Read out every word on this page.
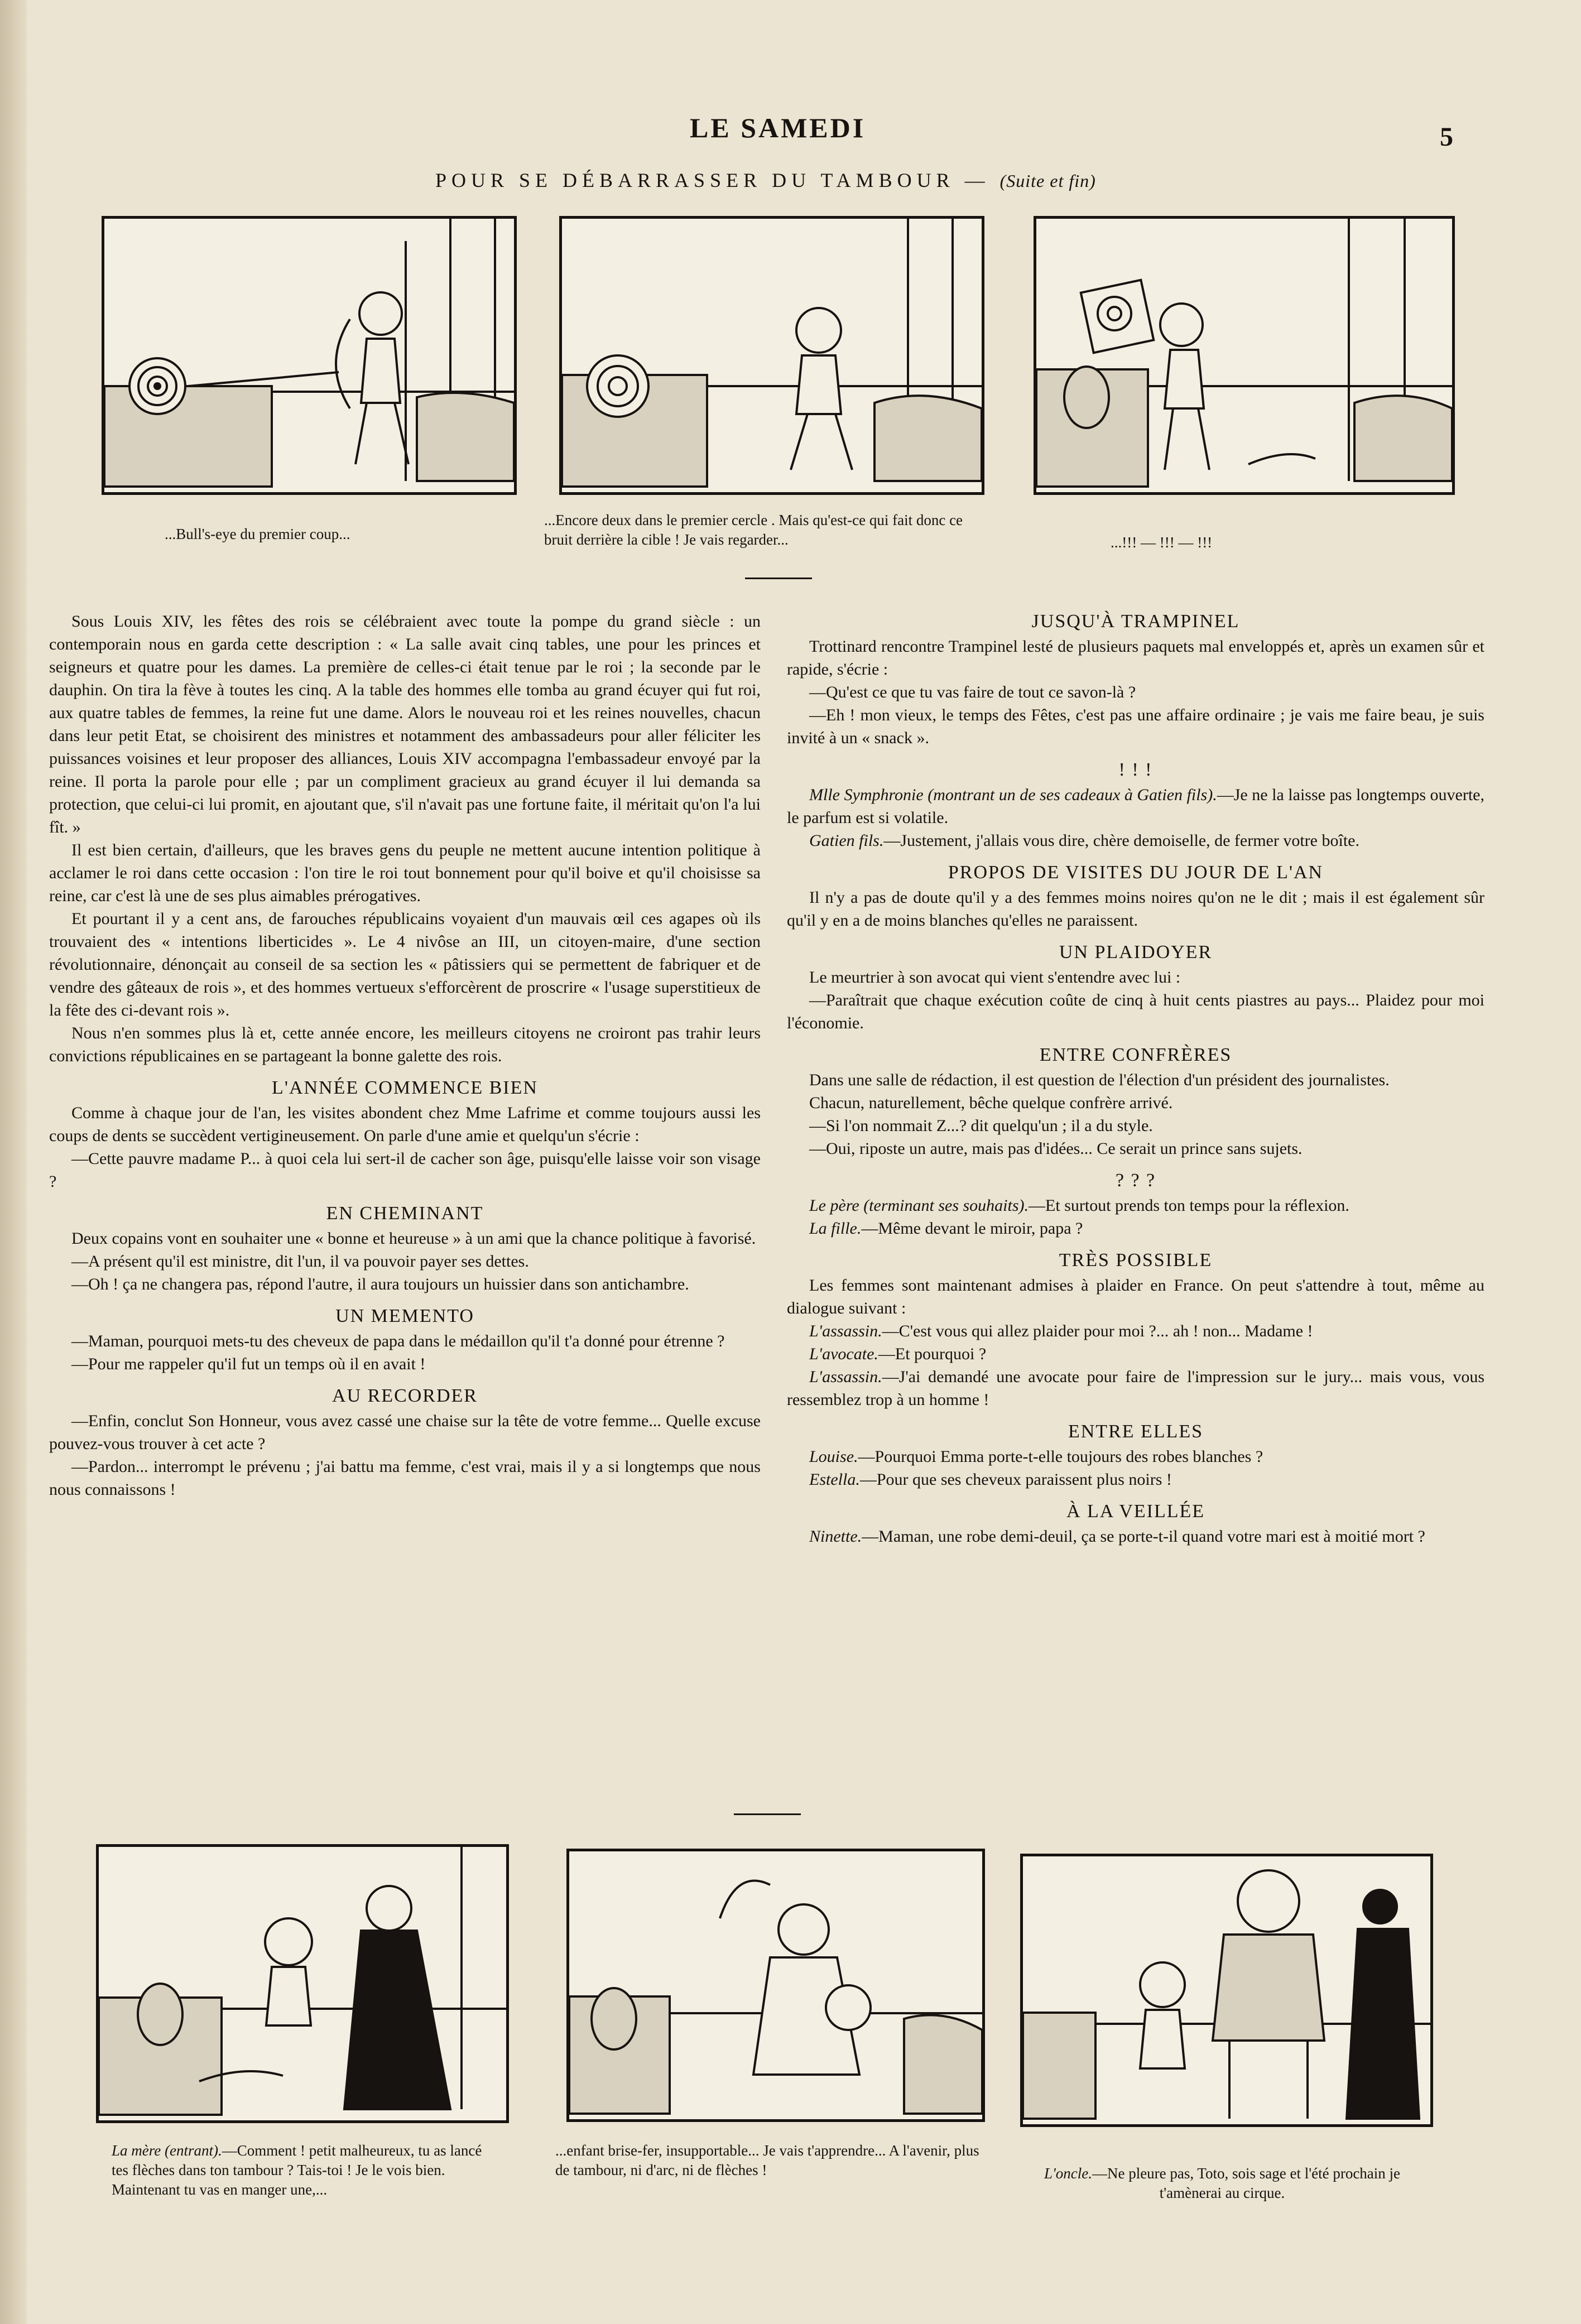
LE SAMEDI	5
POUR SE DÉBARRASSER DU TAMBOUR — (Suite et fin)
...Bull's-eye du premier coup...
...Encore deux dans le premier cercle . Mais qu'est-ce qui fait donc ce bruit derrière la cible ! Je vais regarder...	...!!! — !!! — !!!

Sous Louis XIV, les fêtes des rois se célébraient avec toute la pompe du grand siècle : un contemporain nous en garda cette description : « La salle avait cinq tables, une pour les princes et seigneurs et quatre pour les dames. La première de celles-ci était tenue par le roi ; la seconde par le dauphin. On tira la fève à toutes les cinq. A la table des hommes elle tomba au grand écuyer qui fut roi, aux quatre tables de femmes, la reine fut une dame. Alors le nouveau roi et les reines nouvelles, chacun dans leur petit Etat, se choisirent des ministres et notamment des ambassadeurs pour aller féliciter les puissances voisines et leur proposer des alliances, Louis XIV accompagna l'embassadeur envoyé par la reine. Il porta la parole pour elle ; par un compliment gracieux au grand écuyer il lui demanda sa protection, que celui-ci lui promit, en ajoutant que, s'il n'avait pas une fortune faite, il méritait qu'on l'a lui fît. »

Il est bien certain, d'ailleurs, que les braves gens du peuple ne mettent aucune intention politique à acclamer le roi dans cette occasion : l'on tire le roi tout bonnement pour qu'il boive et qu'il choisisse sa reine, car c'est là une de ses plus aimables prérogatives.

Et pourtant il y a cent ans, de farouches républicains voyaient d'un mauvais œil ces agapes où ils trouvaient des « intentions liberticides ». Le 4 nivôse an III, un citoyen-maire, d'une section révolutionnaire, dénonçait au conseil de sa section les « pâtissiers qui se permettent de fabriquer et de vendre des gâteaux de rois », et des hommes vertueux s'efforcèrent de proscrire « l'usage superstitieux de la fête des ci-devant rois ».

Nous n'en sommes plus là et, cette année encore, les meilleurs citoyens ne croiront pas trahir leurs convictions républicaines en se partageant la bonne galette des rois.

L'ANNÉE COMMENCE BIEN

Comme à chaque jour de l'an, les visites abondent chez Mme Lafrime et comme toujours aussi les coups de dents se succèdent vertigineusement. On parle d'une amie et quelqu'un s'écrie :

—Cette pauvre madame P... à quoi cela lui sert-il de cacher son âge, puisqu'elle laisse voir son visage ?

EN CHEMINANT

Deux copains vont en souhaiter une « bonne et heureuse » à un ami que la chance politique à favorisé.

—A présent qu'il est ministre, dit l'un, il va pouvoir payer ses dettes.

—Oh ! ça ne changera pas, répond l'autre, il aura toujours un huissier dans son antichambre.

UN MEMENTO

—Maman, pourquoi mets-tu des cheveux de papa dans le médaillon qu'il t'a donné pour étrenne ?

—Pour me rappeler qu'il fut un temps où il en avait !

AU RECORDER

—Enfin, conclut Son Honneur, vous avez cassé une chaise sur la tête de votre femme... Quelle excuse pouvez-vous trouver à cet acte ?

—Pardon... interrompt le prévenu ; j'ai battu ma femme, c'est vrai, mais il y a si longtemps que nous nous connaissons !

JUSQU'À TRAMPINEL

Trottinard rencontre Trampinel lesté de plusieurs paquets mal enveloppés et, après un examen sûr et rapide, s'écrie :

—Qu'est ce que tu vas faire de tout ce savon-là ?

—Eh ! mon vieux, le temps des Fêtes, c'est pas une affaire ordinaire ; je vais me faire beau, je suis invité à un « snack ».

! ! !

Mlle Symphronie (montrant un de ses cadeaux à Gatien fils).—Je ne la laisse pas longtemps ouverte, le parfum est si volatile.

Gatien fils.—Justement, j'allais vous dire, chère demoiselle, de fermer votre boîte.

PROPOS DE VISITES DU JOUR DE L'AN

Il n'y a pas de doute qu'il y a des femmes moins noires qu'on ne le dit ; mais il est également sûr qu'il y en a de moins blanches qu'elles ne paraissent.

UN PLAIDOYER

Le meurtrier à son avocat qui vient s'entendre avec lui :

—Paraîtrait que chaque exécution coûte de cinq à huit cents piastres au pays... Plaidez pour moi l'économie.

ENTRE CONFRÈRES

Dans une salle de rédaction, il est question de l'élection d'un président des journalistes.

Chacun, naturellement, bêche quelque confrère arrivé.

—Si l'on nommait Z...? dit quelqu'un ; il a du style.

—Oui, riposte un autre, mais pas d'idées... Ce serait un prince sans sujets.

? ? ?

Le père (terminant ses souhaits).—Et surtout prends ton temps pour la réflexion.

La fille.—Même devant le miroir, papa ?

TRÈS POSSIBLE

Les femmes sont maintenant admises à plaider en France. On peut s'attendre à tout, même au dialogue suivant :

L'assassin.—C'est vous qui allez plaider pour moi ?... ah ! non... Madame !

L'avocate.—Et pourquoi ?

L'assassin.—J'ai demandé une avocate pour faire de l'impression sur le jury... mais vous, vous ressemblez trop à un homme !

ENTRE ELLES

Louise.—Pourquoi Emma porte-t-elle toujours des robes blanches ?

Estella.—Pour que ses cheveux paraissent plus noirs !

À LA VEILLÉE

Ninette.—Maman, une robe demi-deuil, ça se porte-t-il quand votre mari est à moitié mort ?

La mère (entrant).—Comment ! petit malheureux, tu as lancé tes flèches dans ton tambour ? Tais-toi ! Je le vois bien. Maintenant tu vas en manger une,...
...enfant brise-fer, insupportable... Je vais t'apprendre... A l'avenir, plus de tambour, ni d'arc, ni de flèches !	L'oncle.—Ne pleure pas, Toto, sois sage et l'été prochain je t'amènerai au cirque.
